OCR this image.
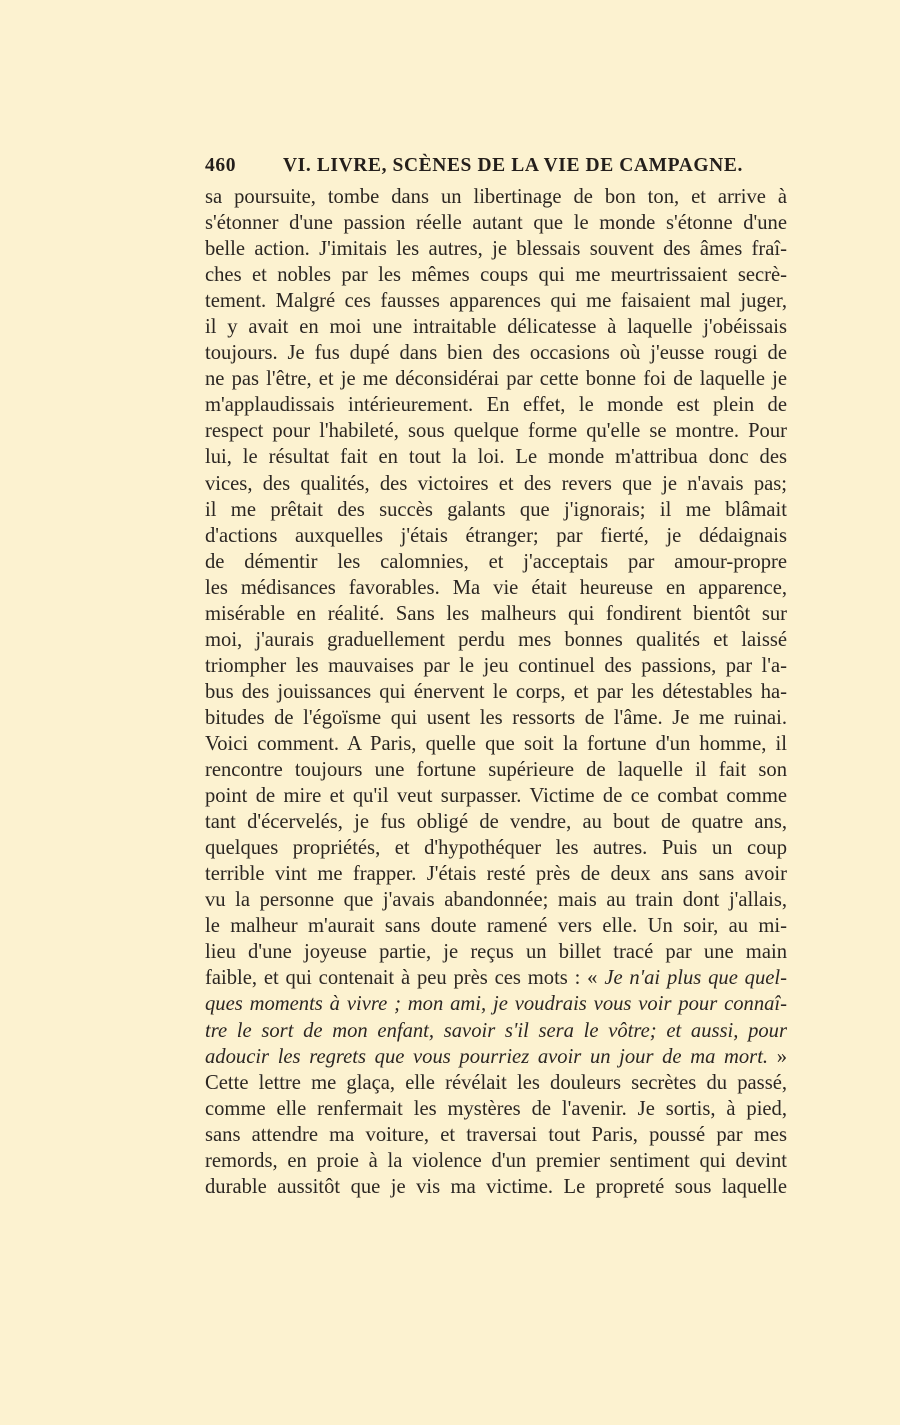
460 VI. LIVRE, SCÈNES DE LA VIE DE CAMPAGNE.
sa poursuite, tombe dans un libertinage de bon ton, et arrive à
s'étonner d'une passion réelle autant que le monde s'étonne d'une
belle action. J'imitais les autres, je blessais souvent des âmes fraî-
ches et nobles par les mêmes coups qui me meurtrissaient secrè-
tement. Malgré ces fausses apparences qui me faisaient mal juger,
il y avait en moi une intraitable délicatesse à laquelle j'obéissais
toujours. Je fus dupé dans bien des occasions où j'eusse rougi de
ne pas l'être, et je me déconsidérai par cette bonne foi de laquelle je
m'applaudissais intérieurement. En effet, le monde est plein de
respect pour l'habileté, sous quelque forme qu'elle se montre. Pour
lui, le résultat fait en tout la loi. Le monde m'attribua donc des
vices, des qualités, des victoires et des revers que je n'avais pas;
il me prêtait des succès galants que j'ignorais; il me blâmait
d'actions auxquelles j'étais étranger; par fierté, je dédaignais
de démentir les calomnies, et j'acceptais par amour-propre
les médisances favorables. Ma vie était heureuse en apparence,
misérable en réalité. Sans les malheurs qui fondirent bientôt sur
moi, j'aurais graduellement perdu mes bonnes qualités et laissé
triompher les mauvaises par le jeu continuel des passions, par l'a-
bus des jouissances qui énervent le corps, et par les détestables ha-
bitudes de l'égoïsme qui usent les ressorts de l'âme. Je me ruinai.
Voici comment. A Paris, quelle que soit la fortune d'un homme, il
rencontre toujours une fortune supérieure de laquelle il fait son
point de mire et qu'il veut surpasser. Victime de ce combat comme
tant d'écervelés, je fus obligé de vendre, au bout de quatre ans,
quelques propriétés, et d'hypothéquer les autres. Puis un coup
terrible vint me frapper. J'étais resté près de deux ans sans avoir
vu la personne que j'avais abandonnée; mais au train dont j'allais,
le malheur m'aurait sans doute ramené vers elle. Un soir, au mi-
lieu d'une joyeuse partie, je reçus un billet tracé par une main
faible, et qui contenait à peu près ces mots : « Je n'ai plus que quel-
ques moments à vivre ; mon ami, je voudrais vous voir pour connaî-
tre le sort de mon enfant, savoir s'il sera le vôtre; et aussi, pour
adoucir les regrets que vous pourriez avoir un jour de ma mort. »
Cette lettre me glaça, elle révélait les douleurs secrètes du passé,
comme elle renfermait les mystères de l'avenir. Je sortis, à pied,
sans attendre ma voiture, et traversai tout Paris, poussé par mes
remords, en proie à la violence d'un premier sentiment qui devint
durable aussitôt que je vis ma victime. Le propreté sous laquelle
